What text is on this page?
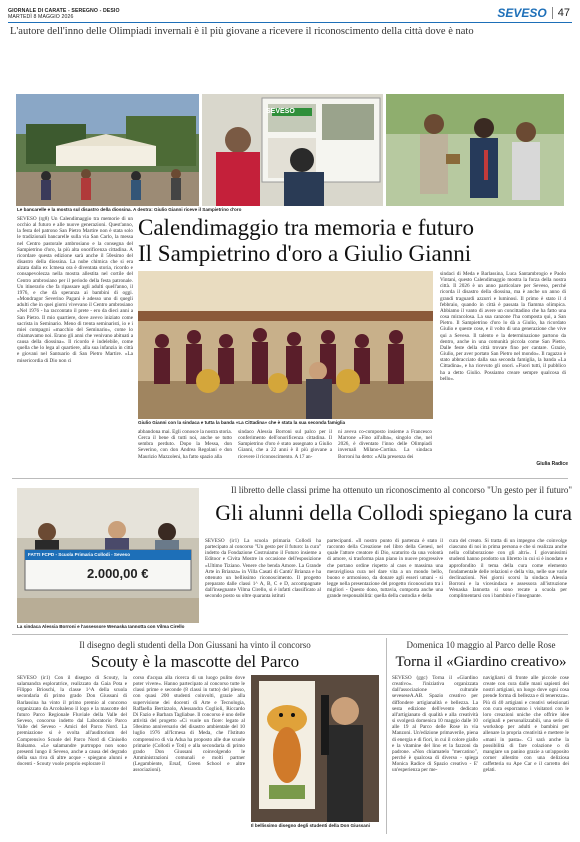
GIORNALE DI CARATE - SEREGNO - DESIO
MARTEDÌ 8 MAGGIO 2026	SEVESO 47
L'autore dell'inno delle Olimpiadi invernali è il più giovane a ricevere il riconoscimento della città dove è nato
SEVESO
Le bancarelle e la mostra sul disastro della diossina. A destra: Giulio Gianni riceve il Sampietrino d'oro
Calendimaggio tra memoria e futuro
Il Sampietrino d'oro a Giulio Gianni
SEVESO (rg8) Un Calendimaggio tra memorie di un occhio al futuro e alle nuove generazioni. Quest'anno, la festa del patrono San Pietro Martire non è stata solo le tradizionali bancarelle sulla via San Carlo, la messa nel Centro pastorale ambrosiano e la consegna del Sampietrino d'oro, la più alta onorificenza cittadina. A ricordare questa edizione sarà anche il 50esimo del disastro della diossina. La nube chimica che si era alzata dalla ex Icmesa ora è diventata storia, ricordo e consapevolezza nella mostra allestita nel cortile del Centro ambrosiano per il periodo della festa patronale. Un itinerario che fa ripassare agli adulti quell'anno, il 1976, e che dà speranza ai bambini di oggi. «Mondragor Severino Pagani è adesso uno di quegli adulti che in quei giorni vivevano il Centro ambrosiano «Nel 1976 - ha raccontato il prete - ero da dieci anni a San Pietro. Il mio quartiere, dove avevo iniziato come sacrista in Seminario. Meno di trenta seminaristi, io e i miei compagni «macchio del Seminario», come lo chiamavamo noi. Erano gli anni che venivano abituati a causa della diossina». Il ricordo è indelebile, come quella che lo lega al quartiere, alla sua infanzia in città e giovani nel Santuario di San Pietro Martire. «La misericordia di Dio non ci
Giulio Gianni con la sindaca e tutta la banda «La Cittadina» che è stata la sua seconda famiglia
abbandona mai. Egli conosce la nostra storia. Cerca il bene di tutti noi, anche se tutto sembra perduto. Dopo la Messa, don Severino, con don Andrea Regolani e don Maurizio Mazzoleni, ha fatto spazio alla
sindaco Alessia Borroni sul palco per il conferimento dell'onorificenza cittadina. Il Sampietrino d'oro è stato assegnato a Giulio Gianni, che a 22 anni è il più giovane a ricevere il riconoscimento. A 17 an-
ni aveva co-composto insieme a Francesco Marrone «Fino all'alba», singolo che, nel 2026, è diventato l'inno delle Olimpiadi invernali Milano-Cortina. La sindaca Borroni ha detto: «Alla presenza dei
sindaci di Meda e Barlassina, Luca Santambrogio e Paolo Vintani, questo Calendimaggio mostra la forza della nostra città. Il 2026 è un anno particolare per Seveso, perché ricorda il disastro della diossina, ma è anche un anno di grandi traguardi azzurri e luminosi. Il primo è stato il 4 febbraio, quando in città è passata la fiamma olimpica. Abbiamo il vanto di avere un concittadino che ha fatto una cosa miracolosa. La sua canzone l'ha composta qui, a San Pietro. Il Sampietrino d'oro lo dà a Giulio, ha ricordato Giulio e queste cose, e il volto di una generazione che vive qui a Seveso. Il talento e la determinazione partono da dentro, anche in una comunità piccola come San Pietro. Dalle feste della città trovare fino per cantare. Grazie, Giulio, per aver portato San Pietro nel mondo». Il ragazzo è stato abbracciato dalla sua seconda famiglia, la banda «La Cittadina», e ha ricevuto gli onori. «Fuori tutti, il pubblico ha a detto Giulio. Possiamo creare sempre qualcosa di bello».
Giulia Radice
Il libretto delle classi prime ha ottenuto un riconoscimento al concorso "Un gesto per il futuro"
Gli alunni della Collodi spiegano la cura
FATTI FCPD - Scuola Primaria Collodi - Seveso
2.000,00 €
La sindaca Alessia Borroni e l'assessore Wenaska Iannotta con Vilma Cirello
SEVESO (ir1) La scuola primaria Collodi ha partecipato al concorso "Un gesto per il futuro: la cura" indetto da Fondazione Costruiamo il Futuro insieme a Editoor e Civita Mostre in occasione dell'esposizione «Ultimo Tiziano. Venere che benda Amore. La Grande Arte in Brianza» in Villa Casati di Cantù' Brianza e ha ottenuto un bellissimo riconoscimento. Il progetto preparato dalle classi 1^ A, B, C e D, accompagnate dall'insegnante Vilma Cirello, si è infatti classificato al secondo posto su oltre quaranta istituti
partecipanti. «Il nostro punto di partenza è stato il racconto della Creazione nel libro della Genesi, nel quale l'attore creatore di Dio, scaturito da una volontà di amore, si trasforma pian piano in nuove progressive che portano ordine rispetto al caos e massima una meravigliosa cura nel dare vita a un mondo bello, buono e armonioso, da donare agli esseri umani - si legge nella presentazione del progetto riconosciuto tra i migliori - Questo dono, tuttavia, comporta anche una grande responsabilità: quella della custodia e della
cura del creato. Si tratta di un impegno che coinvolge ciascuno di noi in prima persona e che si realizza anche nella collaborazione con gli altri». I giovanissimi studenti hanno prodotto un libretto in cui si è inondato e approfondito il tema della cura come elemento fondamentale delle relazioni e della vita, nelle sue varie declinazioni. Nei giorni scorsi la sindaca Alessia Borroni e la vicesindaca e assessora all'istruzione Wenaska Iannotta si sono recate a scuola per complimentarsi con i bambini e l'insegnante.
Il disegno degli studenti della Don Giussani ha vinto il concorso
Scouty è la mascotte del Parco
SEVESO (ir1) Con il disegno di Scouty, la salamandra esploratrice, realizzato da Gaia Pota e Filippo Brioschi, la classe 1^A della scuola secondaria di primo grado Don Giussani di Barlassina ha vinto il primo premio al concorso organizzato da Arcobaleno il logo e la mascotte del futuro Parco Regionale Fluviale della Valle del Seveso, concorso indetto dal Laboratorio Parco Valle del Seveso - Amici del Parco Nord. La premiazione si è svolta all'auditorium del Comprensivo Scuole del Parco Nord di Cinisello Balsamo. «Le salamandre purtroppo non sono presenti lungo il Seveso, anche a causa del degrado della sua riva di altre acque - spiegano alunni e docenti - Scouty vuole proprio esplorare il
corso d'acqua alla ricerca di un luogo pulito dove poter vivere». Hanno partecipato al concorso tutte le classi prime e seconde (8 classi in tutto) del plesso, con quasi 200 studenti coinvolti, grazie alla supervisione dei docenti di Arte e Tecnologia, Raffaella Bertizzolo, Alessandra Coglioli, Riccardo Di Fazio e Barbara Tagliabue. Il concorso è uno delle attività del progetto «Ci vuole un fiore: legato al 50esimo anniversario del disastro ambientale del 10 luglio 1976 all'Icmesa di Meda, che l'Istituto comprensivo di via Adua ha proposto alle due scuole primarie (Collodi e Toti) e alla secondaria di primo grado Don Giussani coinvolgendo le Amministrazioni comunali e molti partner (Legambiente, Ersaf, Green School e altre associazioni).
Il bellissimo disegno degli studenti della Don Giussani
Domenica 10 maggio al Parco delle Rose
Torna il «Giardino creativo»
SEVESO (ggc) Torna il «Giardino creativo». l'iniziativa organizzata dall'associazione culturale seveseseA.AB. Spazio creativo per diffondere artigianalità e bellezza. La sesta edizione dell'evento dedicato all'artigianato di qualità e alla creatività si svolgerà domenica 10 maggio dalle 10 alle 19 al Parco delle Rose in via Manzoni. Un'edizione primaverile, piena di energia e di fiori, in cui il colore giallo e la vitamine del lino et la fazzoni da padrone. «Non chiamatelo "mercatino", perché è qualcosa di diverso - spiega Monica Radice di Spazio creativo - E' un'esperienza per me-
navigliarsi di fronte alle piccole cose create con cura dalle mani sapienti dei nostri artigiani, un luogo dove ogni cosa prende forma di bellezza e di tenerezza». Più di 40 artigiani e creativi selezionati con cura esporranno i visitatori con le loro creazioni uniche che offrire idee originali e personalizzabili, una serie di workshop per adulti e bambini per allenare la propria creatività e mettere le «mani in pasta». Ci sarà anche la possibilità di fare colazione o di mangiare un panino grazie a un'apposito corner allestito con una deliziosa caffetteria su Ape Car e il carretto dei gelati.
